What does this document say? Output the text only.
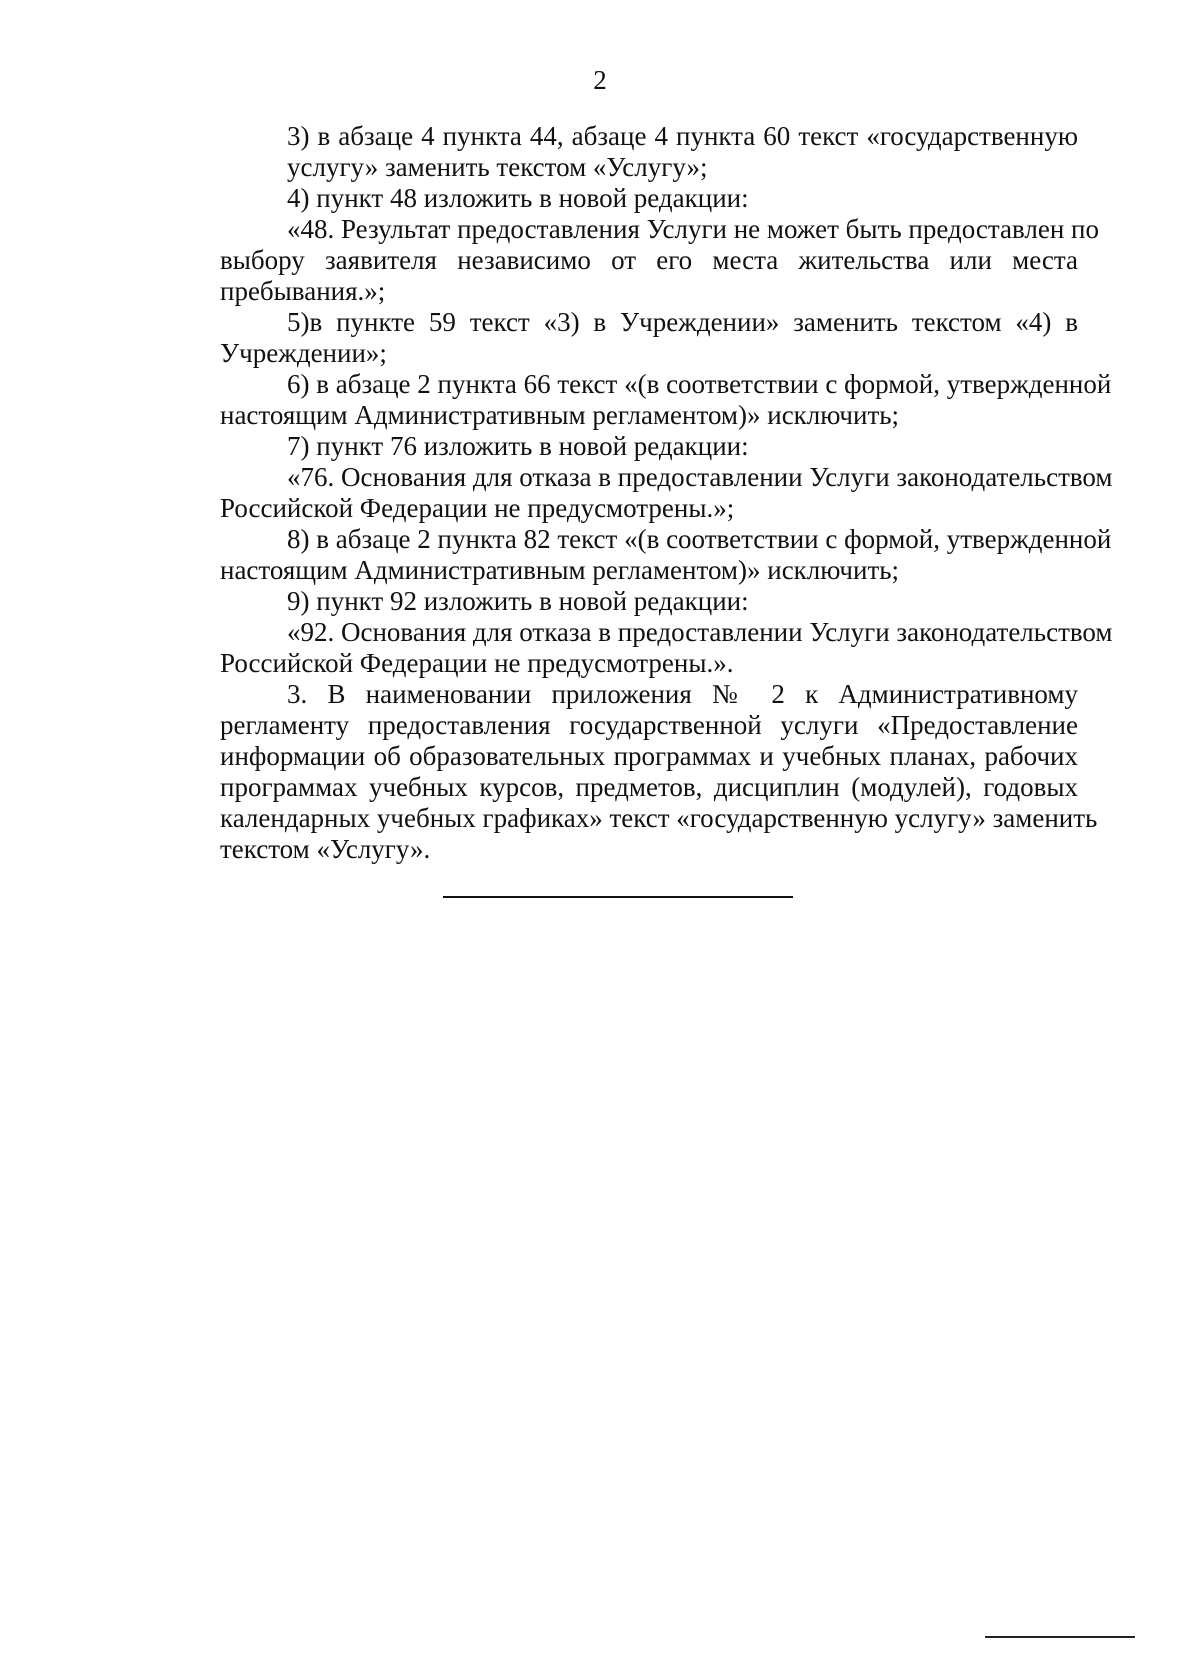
2
3) в абзаце 4 пункта 44, абзаце 4 пункта 60 текст «государственную
услугу» заменить текстом «Услугу»;
4) пункт 48 изложить в новой редакции:
«48. Результат предоставления Услуги не может быть предоставлен по
выбору заявителя независимо от его места жительства или места
пребывания.»;
5)в пункте 59 текст «3) в Учреждении» заменить текстом «4) в
Учреждении»;
6) в абзаце 2 пункта 66 текст «(в соответствии с формой, утвержденной
настоящим Административным регламентом)» исключить;
7) пункт 76 изложить в новой редакции:
«76. Основания для отказа в предоставлении Услуги законодательством
Российской Федерации не предусмотрены.»;
8) в абзаце 2 пункта 82 текст «(в соответствии с формой, утвержденной
настоящим Административным регламентом)» исключить;
9) пункт 92 изложить в новой редакции:
«92. Основания для отказа в предоставлении Услуги законодательством
Российской Федерации не предусмотрены.».
3. В наименовании приложения № 2 к Административному
регламенту предоставления государственной услуги «Предоставление
информации об образовательных программах и учебных планах, рабочих
программах учебных курсов, предметов, дисциплин (модулей), годовых
календарных учебных графиках» текст «государственную услугу» заменить
текстом «Услугу».
